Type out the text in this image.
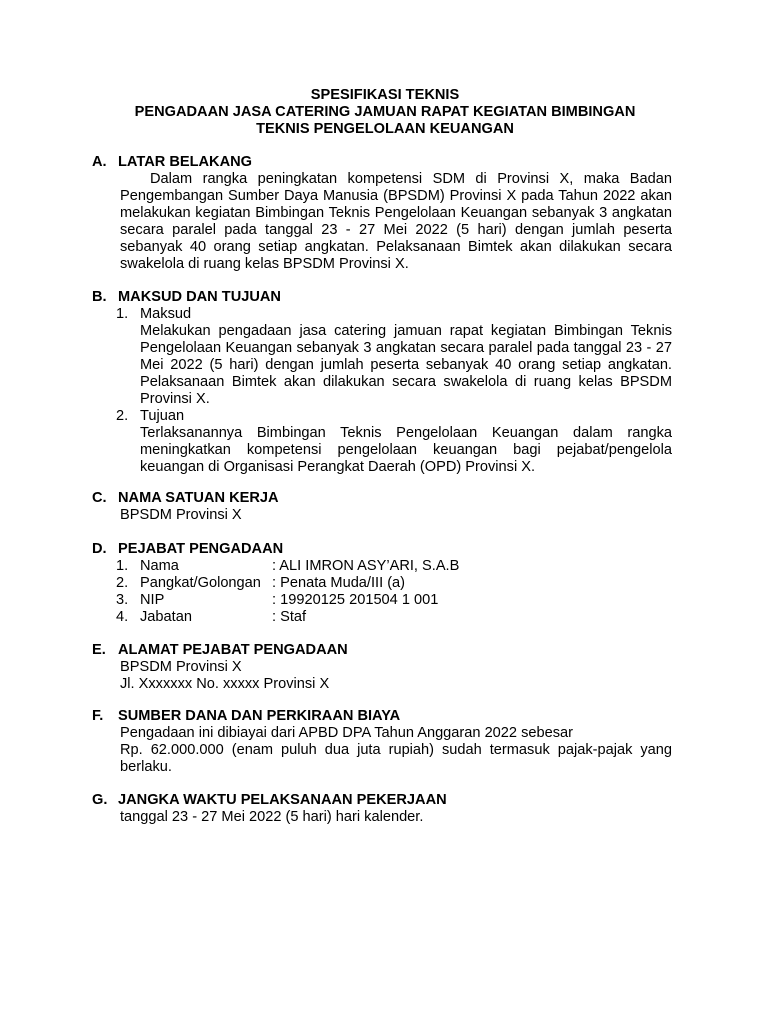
SPESIFIKASI TEKNIS
PENGADAAN JASA CATERING JAMUAN RAPAT KEGIATAN BIMBINGAN
TEKNIS PENGELOLAAN KEUANGAN
A. LATAR BELAKANG
Dalam rangka peningkatan kompetensi SDM di Provinsi X, maka Badan Pengembangan Sumber Daya Manusia (BPSDM) Provinsi X pada Tahun 2022 akan melakukan kegiatan Bimbingan Teknis Pengelolaan Keuangan sebanyak 3 angkatan secara paralel pada tanggal 23 - 27 Mei 2022 (5 hari) dengan jumlah peserta sebanyak 40 orang setiap angkatan. Pelaksanaan Bimtek akan dilakukan secara swakelola di ruang kelas BPSDM Provinsi X.
B. MAKSUD DAN TUJUAN
1. Maksud
Melakukan pengadaan jasa catering jamuan rapat kegiatan Bimbingan Teknis Pengelolaan Keuangan sebanyak 3 angkatan secara paralel pada tanggal 23 - 27 Mei 2022 (5 hari) dengan jumlah peserta sebanyak 40 orang setiap angkatan. Pelaksanaan Bimtek akan dilakukan secara swakelola di ruang kelas BPSDM Provinsi X.
2. Tujuan
Terlaksanannya Bimbingan Teknis Pengelolaan Keuangan dalam rangka meningkatkan kompetensi pengelolaan keuangan bagi pejabat/pengelola keuangan di Organisasi Perangkat Daerah (OPD) Provinsi X.
C. NAMA SATUAN KERJA
BPSDM Provinsi X
D. PEJABAT PENGADAAN
1. Nama	: ALI IMRON ASY’ARI, S.A.B
2. Pangkat/Golongan : Penata Muda/III (a)
3. NIP	: 19920125 201504 1 001
4. Jabatan	: Staf
E. ALAMAT PEJABAT PENGADAAN
BPSDM Provinsi X
Jl. Xxxxxxx No. xxxxx Provinsi X
F.	SUMBER DANA DAN PERKIRAAN BIAYA
Pengadaan ini dibiayai dari APBD DPA Tahun Anggaran 2022 sebesar
Rp. 62.000.000 (enam puluh dua juta rupiah) sudah termasuk pajak-pajak yang berlaku.
G. JANGKA WAKTU PELAKSANAAN PEKERJAAN
tanggal 23 - 27 Mei 2022 (5 hari) hari kalender.
